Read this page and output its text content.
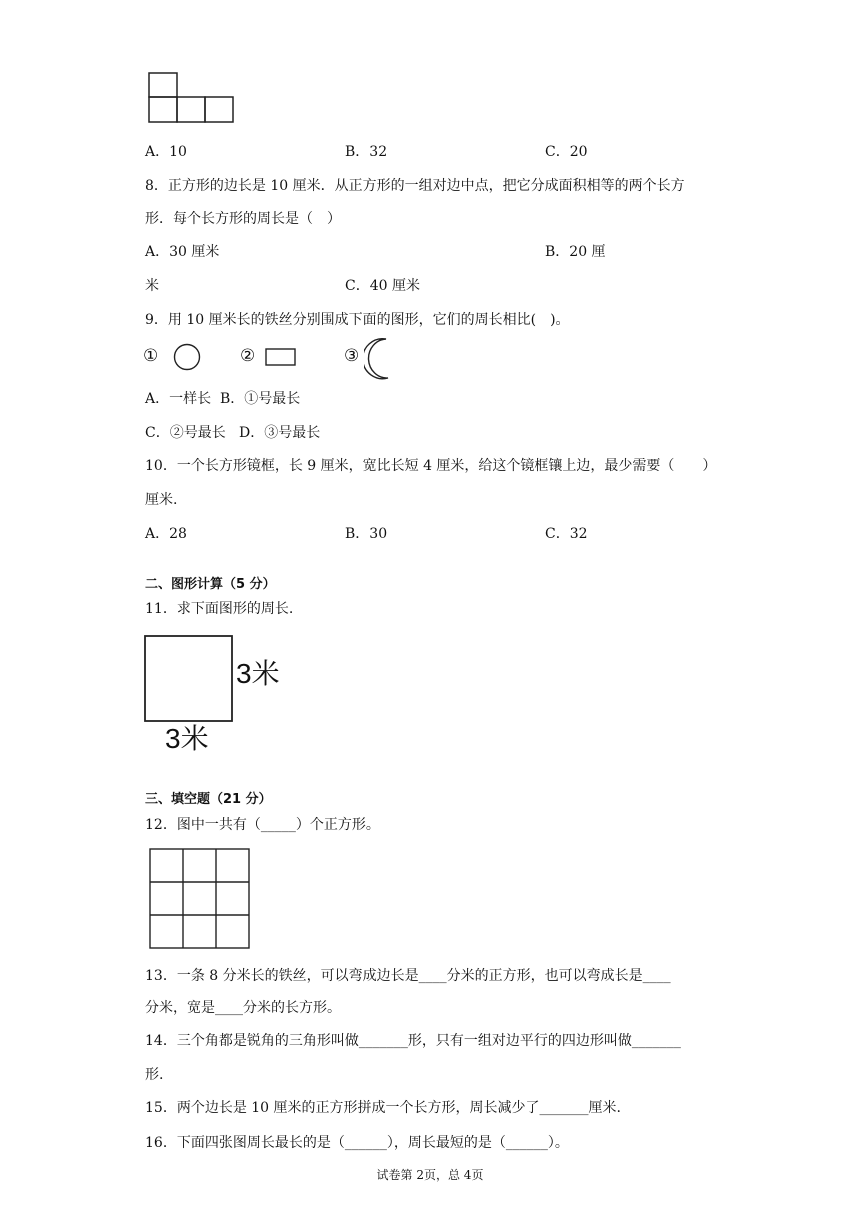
A．10	B．32	C．20
8．正方形的边长是 10 厘米．从正方形的一组对边中点，把它分成面积相等的两个长方
形．每个长方形的周长是（　）
A．30 厘米	B．20 厘
米	C．40 厘米
9．用 10 厘米长的铁丝分别围成下面的图形，它们的周长相比(　)。
①	②	③
A．一样长  B．①号最长
C．②号最长   D．③号最长
10．一个长方形镜框，长 9 厘米，宽比长短 4 厘米，给这个镜框镶上边，最少需要（　　）
厘米.
A．28	B．30	C．32
二、图形计算（5 分）
11．求下面图形的周长.
3米
3米
三、填空题（21 分）
12．图中一共有（_____）个正方形。
13．一条 8 分米长的铁丝，可以弯成边长是____分米的正方形，也可以弯成长是____
分米，宽是____分米的长方形。
14．三个角都是锐角的三角形叫做_______形，只有一组对边平行的四边形叫做_______
形.
15．两个边长是 10 厘米的正方形拼成一个长方形，周长减少了_______厘米.
16．下面四张图周长最长的是（______），周长最短的是（______）。
试卷第 2页，总 4页
